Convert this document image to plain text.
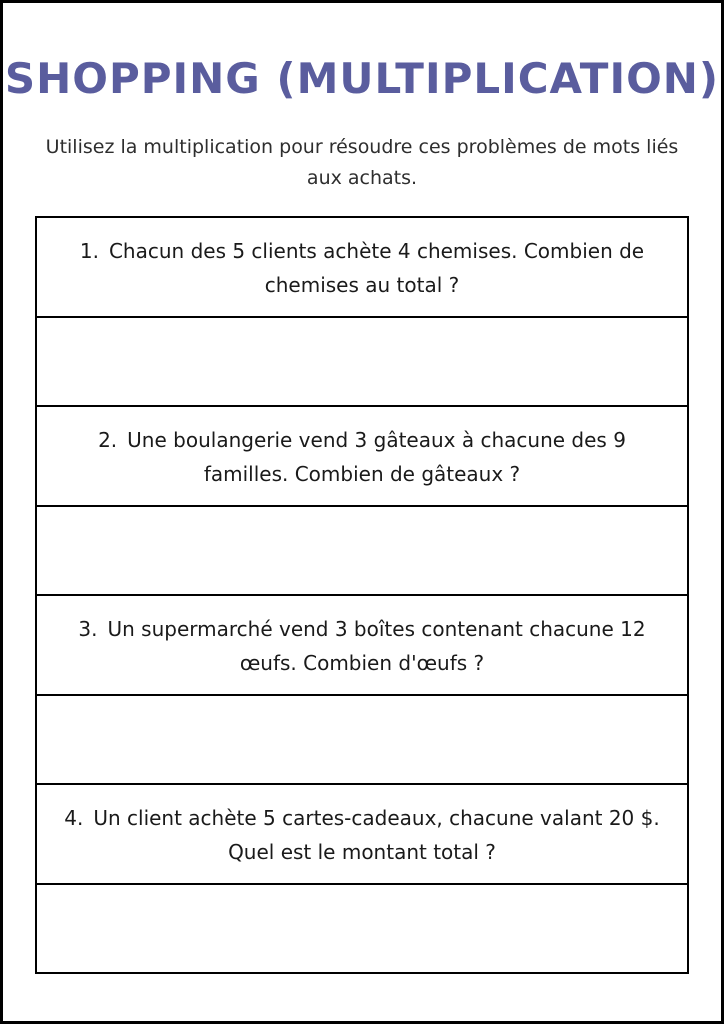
SHOPPING (MULTIPLICATION)

Utilisez la multiplication pour résoudre ces problèmes de mots liés aux achats.

1. Chacun des 5 clients achète 4 chemises. Combien de chemises au total ?
2. Une boulangerie vend 3 gâteaux à chacune des 9 familles. Combien de gâteaux ?
3. Un supermarché vend 3 boîtes contenant chacune 12 œufs. Combien d'œufs ?
4. Un client achète 5 cartes-cadeaux, chacune valant 20 $. Quel est le montant total ?
